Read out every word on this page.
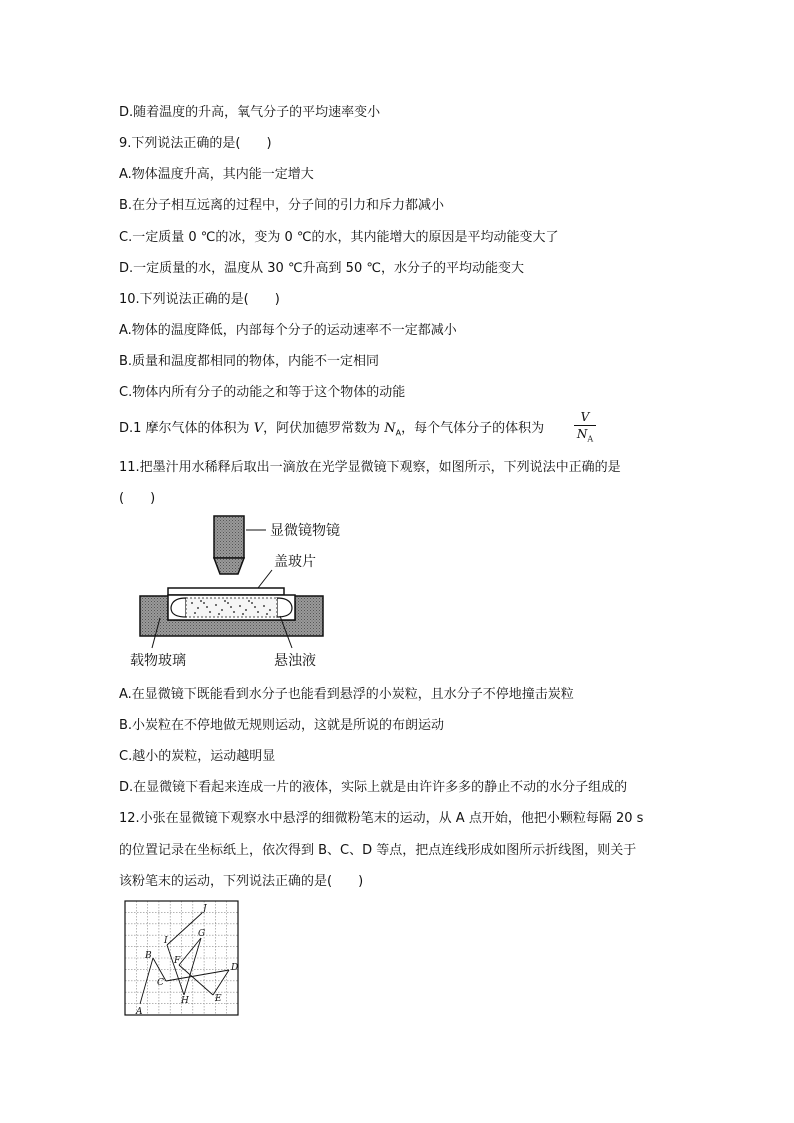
D.随着温度的升高，氧气分子的平均速率变小
9.下列说法正确的是(　　)
A.物体温度升高，其内能一定增大
B.在分子相互远离的过程中，分子间的引力和斥力都减小
C.一定质量 0 ℃的冰，变为 0 ℃的水，其内能增大的原因是平均动能变大了
D.一定质量的水，温度从 30 ℃升高到 50 ℃，水分子的平均动能变大
10.下列说法正确的是(　　)
A.物体的温度降低，内部每个分子的运动速率不一定都减小
B.质量和温度都相同的物体，内能不一定相同
C.物体内所有分子的动能之和等于这个物体的动能
D.1 摩尔气体的体积为 V，阿伏加德罗常数为 $N_A$，每个气体分子的体积为 $\frac{V}{N_A}$
11.把墨汁用水稀释后取出一滴放在光学显微镜下观察，如图所示，下列说法中正确的是
(　　)
显微镜物镜
盖玻片
载物玻璃	悬浊液
A.在显微镜下既能看到水分子也能看到悬浮的小炭粒，且水分子不停地撞击炭粒
B.小炭粒在不停地做无规则运动，这就是所说的布朗运动
C.越小的炭粒，运动越明显
D.在显微镜下看起来连成一片的液体，实际上就是由许许多多的静止不动的水分子组成的
12.小张在显微镜下观察水中悬浮的细微粉笔末的运动，从 A 点开始，他把小颗粒每隔 20 s
的位置记录在坐标纸上，依次得到 B、C、D 等点，把点连线形成如图所示折线图，则关于
该粉笔末的运动，下列说法正确的是(　　)
A
B
C
D
E
F
G
H
I
J
